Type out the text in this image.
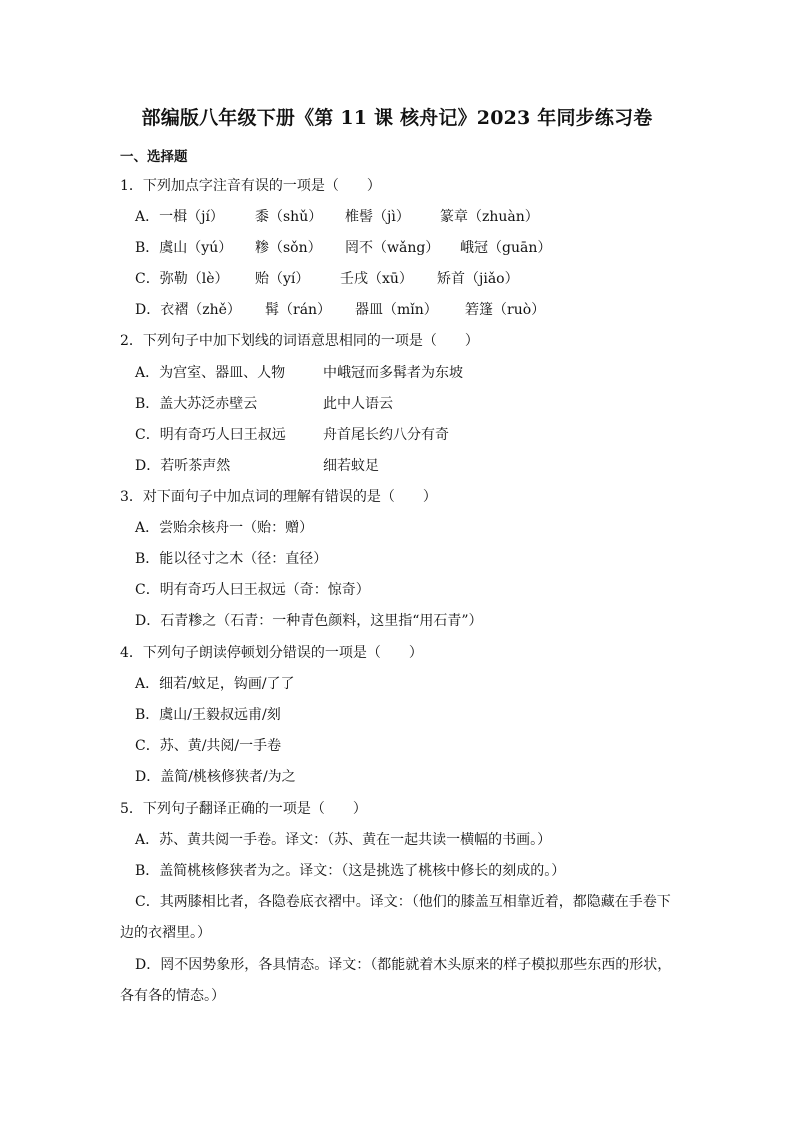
部编版八年级下册《第 11 课 核舟记》2023 年同步练习卷
一、选择题
1．下列加点字注音有误的一项是（　　）
A．一楫（jí） 黍（shǔ） 椎髻（jì） 篆章（zhuàn）
B．虞山（yú） 糁（sǒn） 罔不（wǎng） 峨冠（guān）
C．弥勒（lè） 贻（yí） 壬戌（xū） 矫首（jiǎo）
D．衣褶（zhě） 髯（rán） 器皿（mǐn） 箬篷（ruò）
2．下列句子中加下划线的词语意思相同的一项是（　　）
A．为宫室、器皿、人物	中峨冠而多髯者为东坡
B．盖大苏泛赤壁云	此中人语云
C．明有奇巧人曰王叔远	舟首尾长约八分有奇
D．若听茶声然	细若蚊足
3．对下面句子中加点词的理解有错误的是（　　）
A．尝贻余核舟一（贻：赠）
B．能以径寸之木（径：直径）
C．明有奇巧人曰王叔远（奇：惊奇）
D．石青糁之（石青：一种青色颜料，这里指“用石青”）
4．下列句子朗读停顿划分错误的一项是（　　）
A．细若/蚊足，钩画/了了
B．虞山/王毅叔远甫/刻
C．苏、黄/共阅/一手卷
D．盖简/桃核修狭者/为之
5．下列句子翻译正确的一项是（　　）
A．苏、黄共阅一手卷。译文：（苏、黄在一起共读一横幅的书画。）
B．盖简桃核修狭者为之。译文：（这是挑选了桃核中修长的刻成的。）
C．其两膝相比者，各隐卷底衣褶中。译文：（他们的膝盖互相靠近着，都隐藏在手卷下
边的衣褶里。）
D．罔不因势象形，各具情态。译文：（都能就着木头原来的样子模拟那些东西的形状，
各有各的情态。）
